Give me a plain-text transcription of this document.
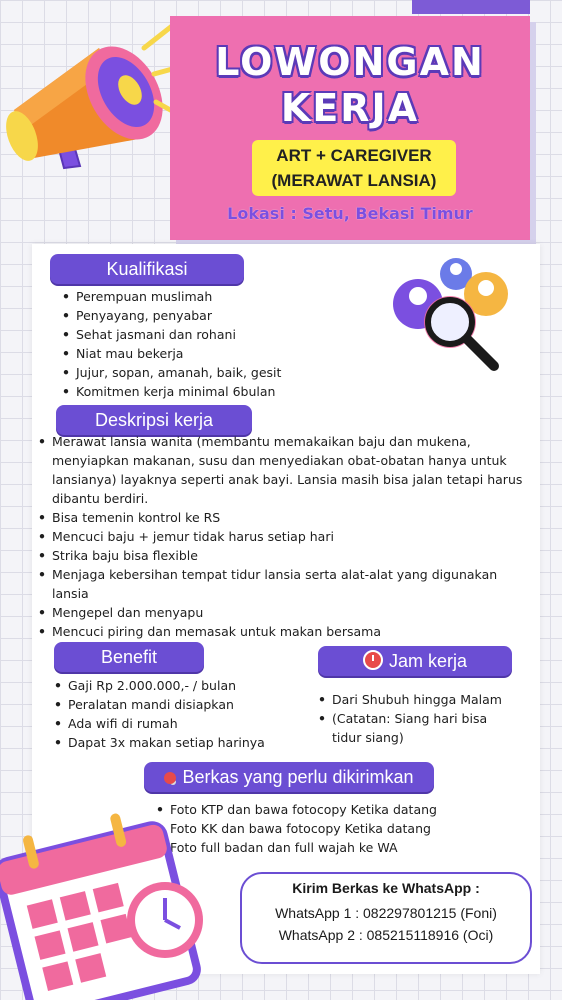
LOWONGAN
KERJA
ART + CAREGIVER
(MERAWAT LANSIA)
Lokasi : Setu, Bekasi Timur
Kualifikasi
• Perempuan muslimah
• Penyayang, penyabar
• Sehat jasmani dan rohani
• Niat mau bekerja
• Jujur, sopan, amanah, baik, gesit
• Komitmen kerja minimal 6bulan
Deskripsi kerja
• Merawat lansia wanita (membantu memakaikan baju dan mukena, menyiapkan makanan, susu dan menyediakan obat-obatan hanya untuk lansianya) layaknya seperti anak bayi. Lansia masih bisa jalan tetapi harus dibantu berdiri.
• Bisa temenin kontrol ke RS
• Mencuci baju + jemur tidak harus setiap hari
• Strika baju bisa flexible
• Menjaga kebersihan tempat tidur lansia serta alat-alat yang digunakan lansia
• Mengepel dan menyapu
• Mencuci piring dan memasak untuk makan bersama
Benefit
• Gaji Rp 2.000.000,- / bulan
• Peralatan mandi disiapkan
• Ada wifi di rumah
• Dapat 3x makan setiap harinya
Jam kerja
• Dari Shubuh hingga Malam
• (Catatan: Siang hari bisa tidur siang)
Berkas yang perlu dikirimkan
• Foto KTP dan bawa fotocopy Ketika datang
• Foto KK dan bawa fotocopy Ketika datang
• Foto full badan dan full wajah ke WA
Kirim Berkas ke WhatsApp :
WhatsApp 1 : 082297801215 (Foni)
WhatsApp 2 : 085215118916 (Oci)
